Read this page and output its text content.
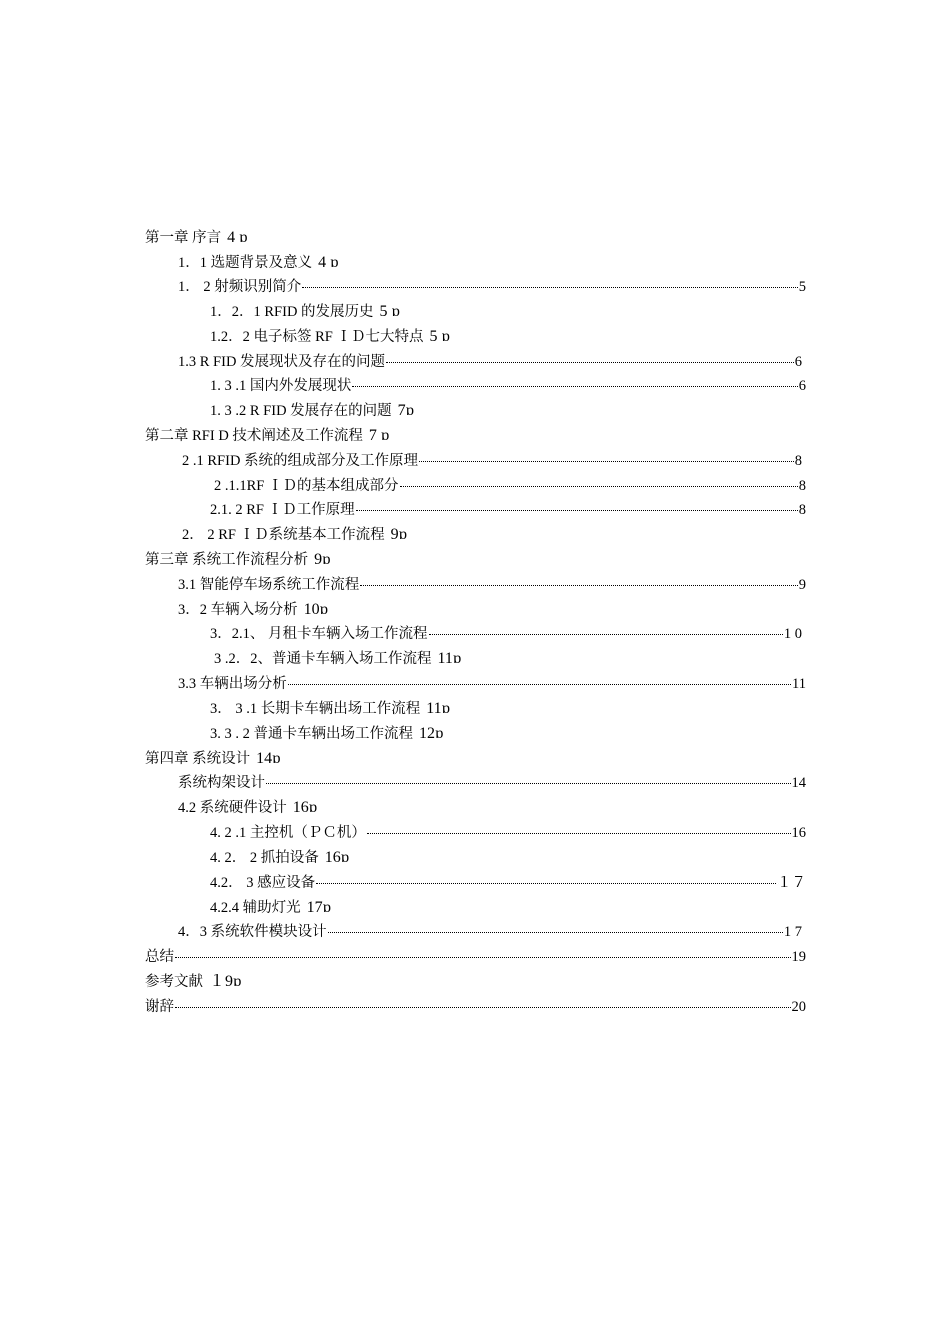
第一章 序言 4 ɒ
1．1 选题背景及意义 4 ɒ
1． 2 射频识别简介	5
1．2．1 RFID 的发展历史 5 ɒ
1.2．2 电子标签 RF ＩＤ七大特点 5 ɒ
1.3 R FID 发展现状及存在的问题	6
1. 3 .1 国内外发展现状	6
1. 3 .2 R FID 发展存在的问题 7ɒ
第二章 RFI D 技术阐述及工作流程 7 ɒ
2 .1 RFID 系统的组成部分及工作原理	8
2 .1.1RF ＩＤ的基本组成部分	8
2.1. 2 RF ＩＤ工作原理	8
2． 2 RF ＩＤ系统基本工作流程 9ɒ
第三章 系统工作流程分析 9ɒ
3.1 智能停车场系统工作流程	9
3．2 车辆入场分析 10ɒ
3．2.1、 月租卡车辆入场工作流程	1 0
3 .2．2、普通卡车辆入场工作流程 11ɒ
3.3 车辆出场分析	11
3． 3 .1 长期卡车辆出场工作流程 11ɒ
3. 3 . 2 普通卡车辆出场工作流程 12ɒ
第四章 系统设计 14ɒ
系统构架设计	14
4.2 系统硬件设计 16ɒ
4. 2 .1 主控机（ＰＣ机）	16
4. 2． 2 抓拍设备 16ɒ
4.2． 3 感应设备	１７
4.2.4 辅助灯光 17ɒ
4．3 系统软件模块设计	1 7
总结	19
参考文献 １9ɒ
谢辞	20
